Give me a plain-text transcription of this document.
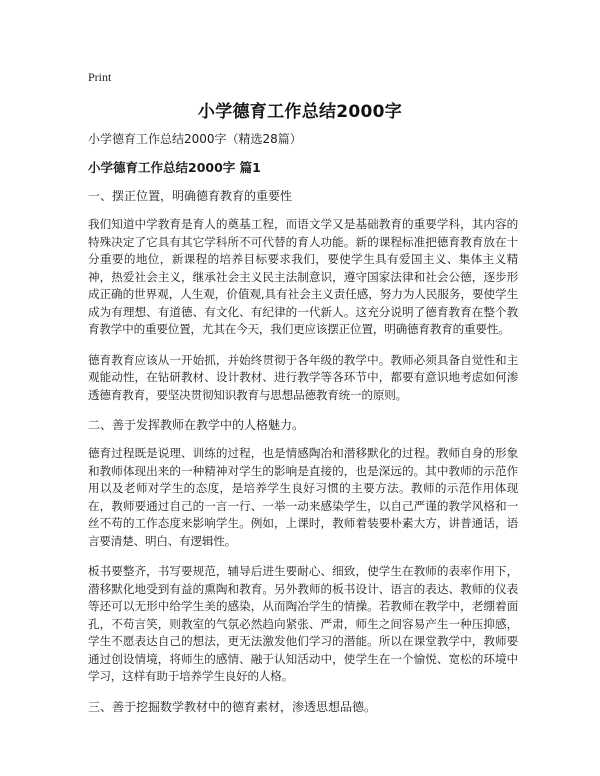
Print
小学德育工作总结2000字
小学德育工作总结2000字（精选28篇）
小学德育工作总结2000字 篇1
一、摆正位置，明确德育教育的重要性
我们知道中学教育是育人的奠基工程，而语文学又是基础教育的重要学科，其内容的特殊决定了它具有其它学科所不可代替的育人功能。新的课程标准把德育教育放在十分重要的地位，新课程的培养目标要求我们，要使学生具有爱国主义、集体主义精神，热爱社会主义，继承社会主义民主法制意识，遵守国家法律和社会公德，逐步形成正确的世界观，人生观，价值观,具有社会主义责任感，努力为人民服务，要使学生成为有理想、有道德、有文化、有纪律的一代新人。这充分说明了德育教育在整个教育教学中的重要位置，尤其在今天，我们更应该摆正位置，明确德育教育的重要性。
德育教育应该从一开始抓，并始终贯彻于各年级的教学中。教师必须具备自觉性和主观能动性，在钻研教材、设计教材、进行教学等各环节中，都要有意识地考虑如何渗透德育教育，要坚决贯彻知识教育与思想品德教育统一的原则。
二、善于发挥教师在教学中的人格魅力。
德育过程既是说理、训练的过程，也是情感陶冶和潜移默化的过程。教师自身的形象和教师体现出来的一种精神对学生的影响是直接的，也是深远的。其中教师的示范作用以及老师对学生的态度，是培养学生良好习惯的主要方法。教师的示范作用体现在，教师要通过自己的一言一行、一举一动来感染学生，以自己严谨的教学风格和一丝不苟的工作态度来影响学生。例如，上课时，教师着装要朴素大方，讲普通话，语言要清楚、明白、有逻辑性。
板书要整齐，书写要规范，辅导后进生要耐心、细致，使学生在教师的表率作用下，潜移默化地受到有益的熏陶和教育。另外教师的板书设计、语言的表达、教师的仪表等还可以无形中给学生美的感染，从而陶冶学生的情操。若教师在教学中，老绷着面孔，不苟言笑，则教室的气氛必然趋向紧张、严肃，师生之间容易产生一种压抑感，学生不愿表达自己的想法，更无法激发他们学习的潜能。所以在课堂教学中，教师要通过创设情境，将师生的感情、融于认知活动中，使学生在一个愉悦、宽松的环境中学习，这样有助于培养学生良好的人格。
三、善于挖掘数学教材中的德育素材，渗透思想品德。
